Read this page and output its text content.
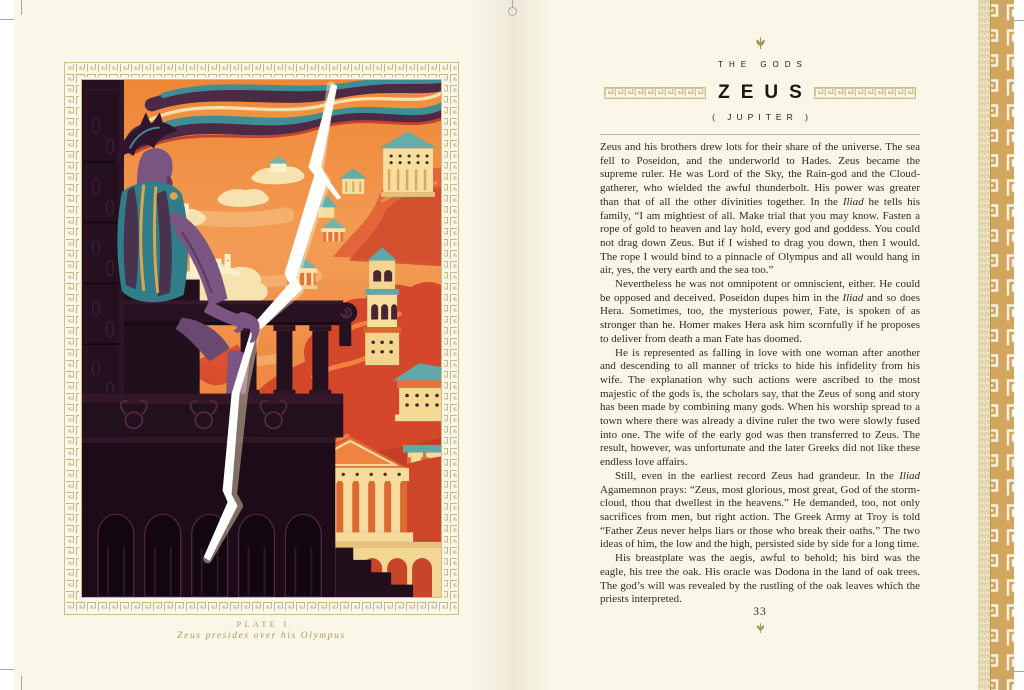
PLATE I
Zeus presides over his Olympus
THE GODS
ZEUS
( JUPITER )

Zeus and his brothers drew lots for their share of the universe. The sea fell to Poseidon, and the underworld to Hades. Zeus became the supreme ruler. He was Lord of the Sky, the Rain-god and the Cloud-gatherer, who wielded the awful thunderbolt. His power was greater than that of all the other divinities together. In the Iliad he tells his family, “I am mightiest of all. Make trial that you may know. Fasten a rope of gold to heaven and lay hold, every god and goddess. You could not drag down Zeus. But if I wished to drag you down, then I would. The rope I would bind to a pinnacle of Olympus and all would hang in air, yes, the very earth and the sea too.”

Nevertheless he was not omnipotent or omniscient, either. He could be opposed and deceived. Poseidon dupes him in the Iliad and so does Hera. Sometimes, too, the mysterious power, Fate, is spoken of as stronger than he. Homer makes Hera ask him scornfully if he proposes to deliver from death a man Fate has doomed.

He is represented as falling in love with one woman after another and descending to all manner of tricks to hide his infidelity from his wife. The explanation why such actions were ascribed to the most majestic of the gods is, the scholars say, that the Zeus of song and story has been made by combining many gods. When his worship spread to a town where there was already a divine ruler the two were slowly fused into one. The wife of the early god was then transferred to Zeus. The result, however, was unfortunate and the later Greeks did not like these endless love affairs.

Still, even in the earliest record Zeus had grandeur. In the Iliad Agamemnon prays: “Zeus, most glorious, most great, God of the storm-cloud, thou that dwellest in the heavens.” He demanded, too, not only sacrifices from men, but right action. The Greek Army at Troy is told “Father Zeus never helps liars or those who break their oaths.” The two ideas of him, the low and the high, persisted side by side for a long time.

His breastplate was the aegis, awful to behold; his bird was the eagle, his tree the oak. His oracle was Dodona in the land of oak trees. The god’s will was revealed by the rustling of the oak leaves which the priests interpreted.

33
